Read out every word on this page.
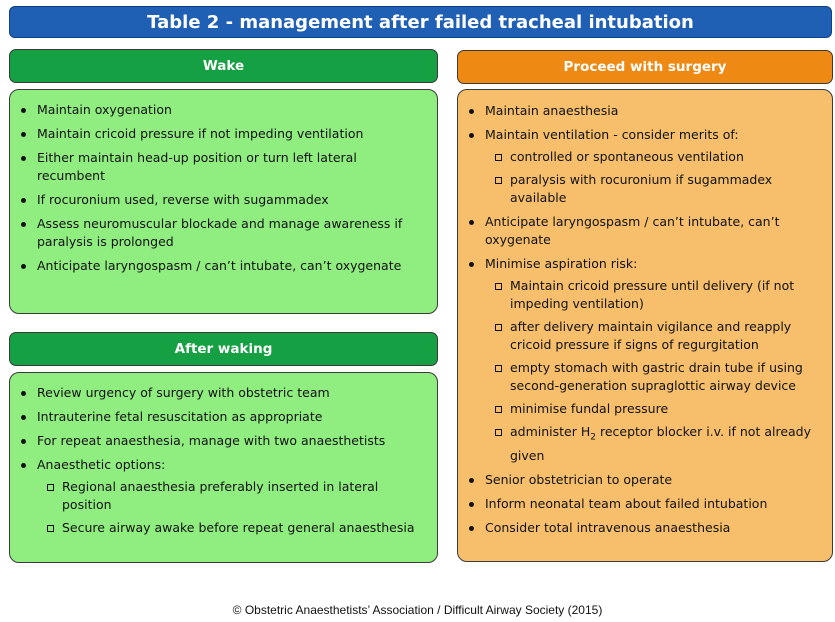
Table 2 - management after failed tracheal intubation
Wake
Maintain oxygenation
Maintain cricoid pressure if not impeding ventilation
Either maintain head-up position or turn left lateral recumbent
If rocuronium used, reverse with sugammadex
Assess neuromuscular blockade and manage awareness if paralysis is prolonged
Anticipate laryngospasm / can’t intubate, can’t oxygenate
After waking
Review urgency of surgery with obstetric team
Intrauterine fetal resuscitation as appropriate
For repeat anaesthesia, manage with two anaesthetists
Anaesthetic options:
Regional anaesthesia preferably inserted in lateral position
Secure airway awake before repeat general anaesthesia
Proceed with surgery
Maintain anaesthesia
Maintain ventilation - consider merits of:
controlled or spontaneous ventilation
paralysis with rocuronium if sugammadex available
Anticipate laryngospasm / can’t intubate, can’t oxygenate
Minimise aspiration risk:
Maintain cricoid pressure until delivery (if not impeding ventilation)
after delivery maintain vigilance and reapply cricoid pressure if signs of regurgitation
empty stomach with gastric drain tube if using second-generation supraglottic airway device
minimise fundal pressure
administer $H_2$ receptor blocker i.v. if not already given
Senior obstetrician to operate
Inform neonatal team about failed intubation
Consider total intravenous anaesthesia
© Obstetric Anaesthetists’ Association / Difficult Airway Society (2015)
